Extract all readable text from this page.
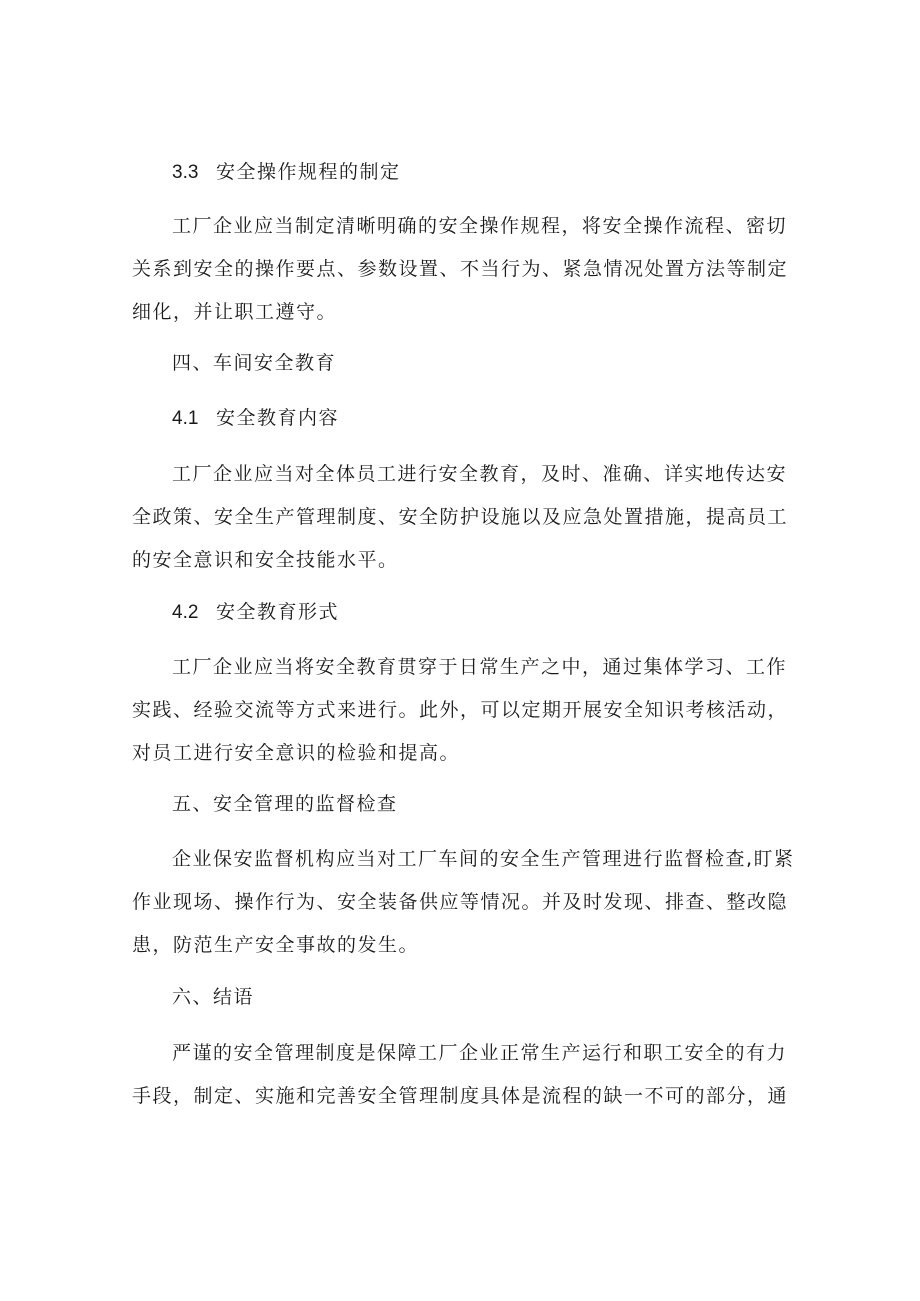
3.3 安全操作规程的制定
工厂企业应当制定清晰明确的安全操作规程，将安全操作流程、密切
关系到安全的操作要点、参数设置、不当行为、紧急情况处置方法等制定
细化，并让职工遵守。
四、车间安全教育
4.1 安全教育内容
工厂企业应当对全体员工进行安全教育，及时、准确、详实地传达安
全政策、安全生产管理制度、安全防护设施以及应急处置措施，提高员工
的安全意识和安全技能水平。
4.2 安全教育形式
工厂企业应当将安全教育贯穿于日常生产之中，通过集体学习、工作
实践、经验交流等方式来进行。此外，可以定期开展安全知识考核活动，
对员工进行安全意识的检验和提高。
五、安全管理的监督检查
企业保安监督机构应当对工厂车间的安全生产管理进行监督检查,盯紧
作业现场、操作行为、安全装备供应等情况。并及时发现、排查、整改隐
患，防范生产安全事故的发生。
六、结语
严谨的安全管理制度是保障工厂企业正常生产运行和职工安全的有力
手段，制定、实施和完善安全管理制度具体是流程的缺一不可的部分，通
